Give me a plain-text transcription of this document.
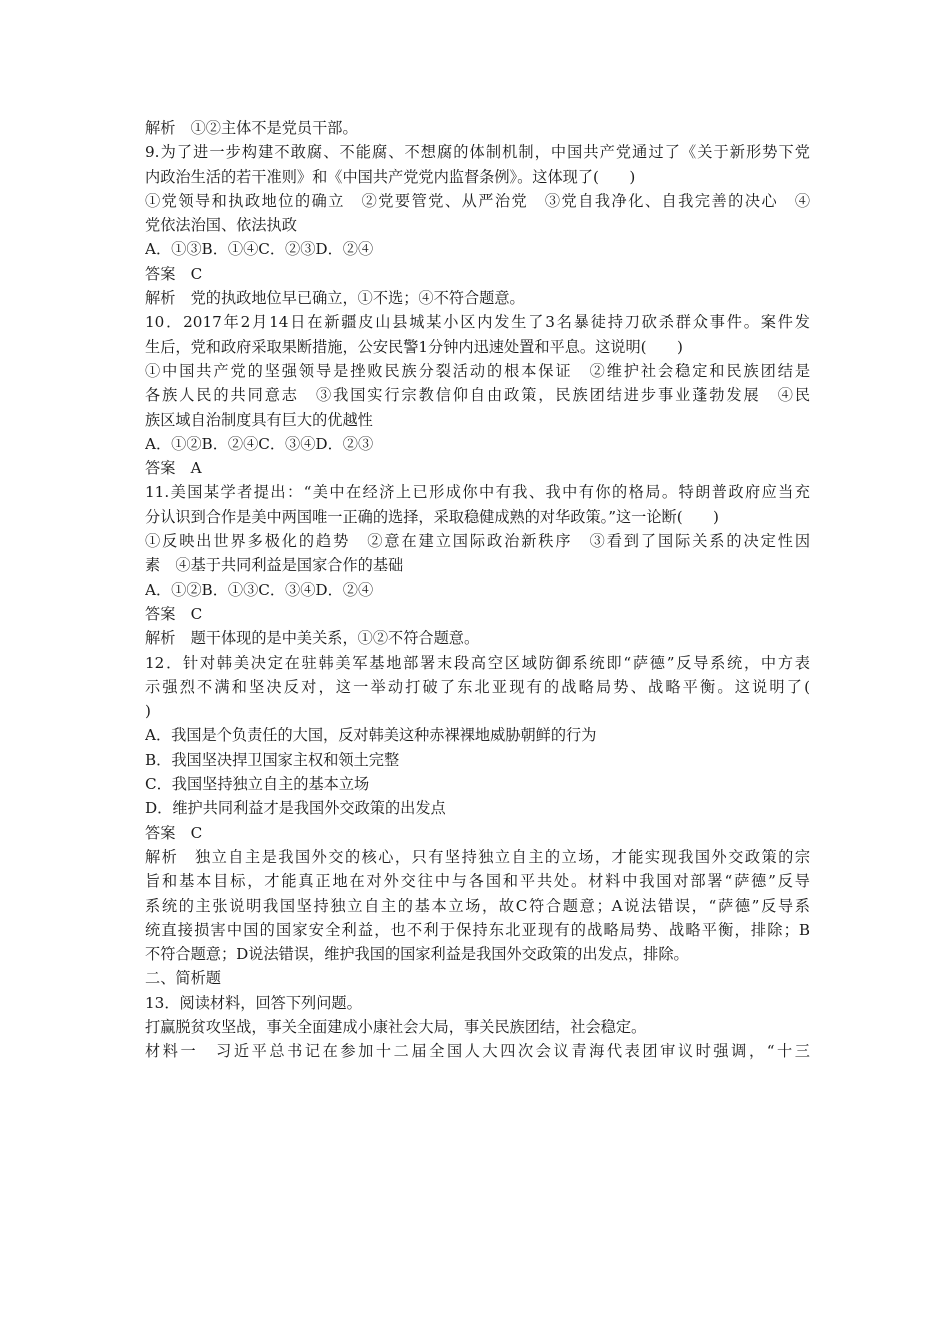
解析　①②主体不是党员干部。
9.为了进一步构建不敢腐、不能腐、不想腐的体制机制，中国共产党通过了《关于新形势下党
内政治生活的若干准则》和《中国共产党党内监督条例》。这体现了(　　)
①党领导和执政地位的确立　②党要管党、从严治党　③党自我净化、自我完善的决心　④
党依法治国、依法执政
A．①③B．①④C．②③D．②④
答案　C
解析　党的执政地位早已确立，①不选；④不符合题意。
10．2017年2月14日在新疆皮山县城某小区内发生了3名暴徒持刀砍杀群众事件。案件发
生后，党和政府采取果断措施，公安民警1分钟内迅速处置和平息。这说明(　　)
①中国共产党的坚强领导是挫败民族分裂活动的根本保证　②维护社会稳定和民族团结是
各族人民的共同意志　③我国实行宗教信仰自由政策，民族团结进步事业蓬勃发展　④民
族区域自治制度具有巨大的优越性
A．①②B．②④C．③④D．②③
答案　A
11.美国某学者提出：“美中在经济上已形成你中有我、我中有你的格局。特朗普政府应当充
分认识到合作是美中两国唯一正确的选择，采取稳健成熟的对华政策。”这一论断(　　)
①反映出世界多极化的趋势　②意在建立国际政治新秩序　③看到了国际关系的决定性因
素　④基于共同利益是国家合作的基础
A．①②B．①③C．③④D．②④
答案　C
解析　题干体现的是中美关系，①②不符合题意。
12．针对韩美决定在驻韩美军基地部署末段高空区域防御系统即“萨德”反导系统，中方表
示强烈不满和坚决反对，这一举动打破了东北亚现有的战略局势、战略平衡。这说明了(
)
A．我国是个负责任的大国，反对韩美这种赤裸裸地威胁朝鲜的行为
B．我国坚决捍卫国家主权和领土完整
C．我国坚持独立自主的基本立场
D．维护共同利益才是我国外交政策的出发点
答案　C
解析　独立自主是我国外交的核心，只有坚持独立自主的立场，才能实现我国外交政策的宗
旨和基本目标，才能真正地在对外交往中与各国和平共处。材料中我国对部署“萨德”反导
系统的主张说明我国坚持独立自主的基本立场，故C符合题意；A说法错误，“萨德”反导系
统直接损害中国的国家安全利益，也不利于保持东北亚现有的战略局势、战略平衡，排除；B
不符合题意；D说法错误，维护我国的国家利益是我国外交政策的出发点，排除。
二、简析题
13．阅读材料，回答下列问题。
打赢脱贫攻坚战，事关全面建成小康社会大局，事关民族团结，社会稳定。
材料一　习近平总书记在参加十二届全国人大四次会议青海代表团审议时强调，“十三
